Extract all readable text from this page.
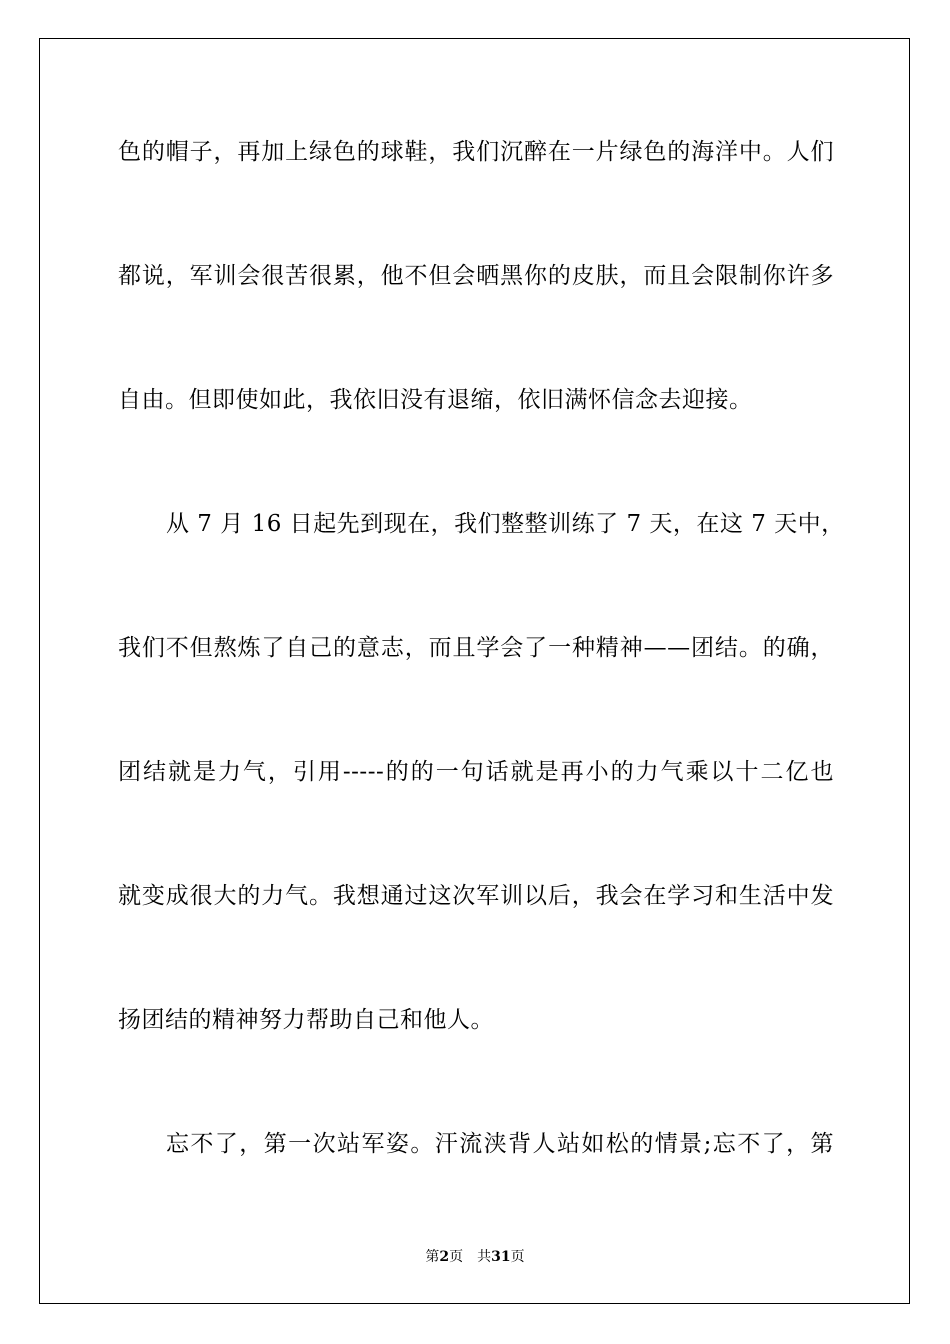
色的帽子，再加上绿色的球鞋，我们沉醉在一片绿色的海洋中。人们
都说，军训会很苦很累，他不但会晒黑你的皮肤，而且会限制你许多
自由。但即使如此，我依旧没有退缩，依旧满怀信念去迎接。
从 7 月 16 日起先到现在，我们整整训练了 7 天，在这 7 天中，
我们不但熬炼了自己的意志，而且学会了一种精神——团结。的确，
团结就是力气，引用-----的的一句话就是再小的力气乘以十二亿也
就变成很大的力气。我想通过这次军训以后，我会在学习和生活中发
扬团结的精神努力帮助自己和他人。
忘不了，第一次站军姿。汗流浃背人站如松的情景;忘不了，第
第2页 共31页
